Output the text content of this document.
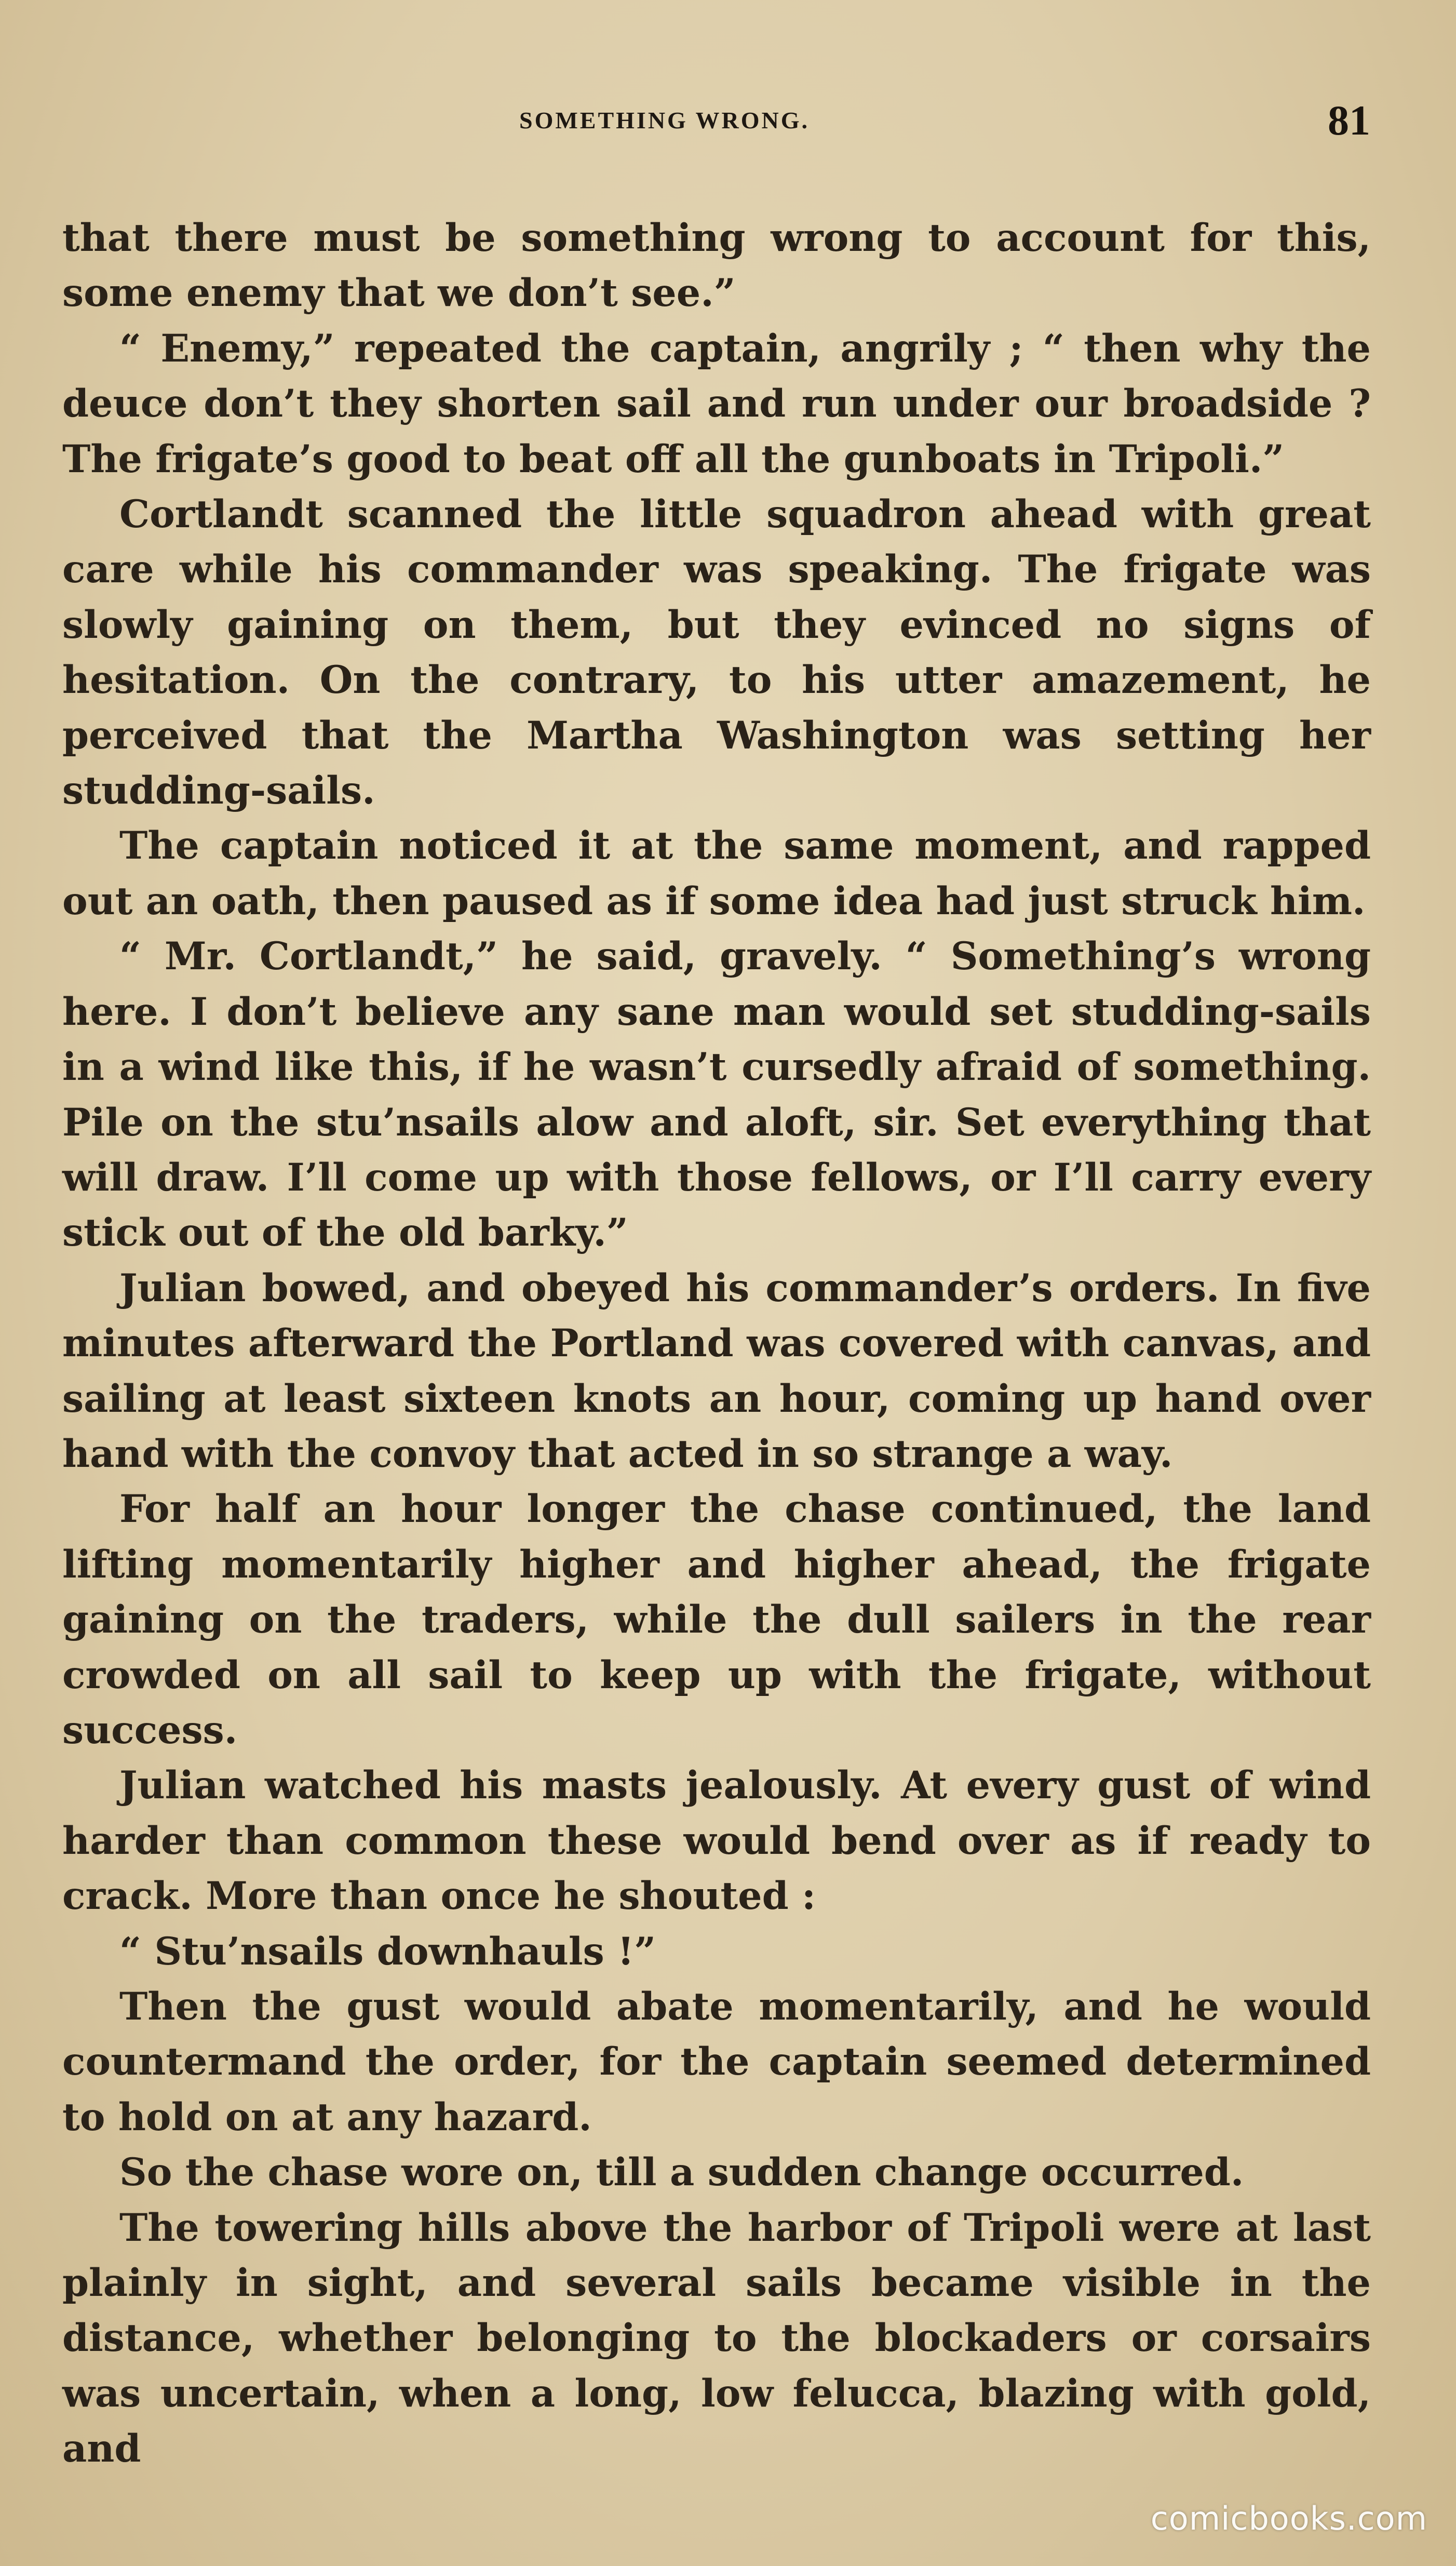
SOMETHING WRONG.	81

that there must be something wrong to account for this, some enemy that we don’t see.”

“ Enemy,” repeated the captain, angrily ; “ then why the deuce don’t they shorten sail and run under our broadside ? The frigate’s good to beat off all the gunboats in Tripoli.”

Cortlandt scanned the little squadron ahead with great care while his commander was speaking. The frigate was slowly gaining on them, but they evinced no signs of hesitation. On the contrary, to his utter amazement, he perceived that the Martha Washington was setting her studding-sails.

The captain noticed it at the same moment, and rapped out an oath, then paused as if some idea had just struck him.

“ Mr. Cortlandt,” he said, gravely. “ Something’s wrong here. I don’t believe any sane man would set studding-sails in a wind like this, if he wasn’t cursedly afraid of something. Pile on the stu’nsails alow and aloft, sir. Set everything that will draw. I’ll come up with those fellows, or I’ll carry every stick out of the old barky.”

Julian bowed, and obeyed his commander’s orders. In five minutes afterward the Portland was covered with canvas, and sailing at least sixteen knots an hour, coming up hand over hand with the convoy that acted in so strange a way.

For half an hour longer the chase continued, the land lifting momentarily higher and higher ahead, the frigate gaining on the traders, while the dull sailers in the rear crowded on all sail to keep up with the frigate, without success.

Julian watched his masts jealously. At every gust of wind harder than common these would bend over as if ready to crack. More than once he shouted :

“ Stu’nsails downhauls !”

Then the gust would abate momentarily, and he would countermand the order, for the captain seemed determined to hold on at any hazard.

So the chase wore on, till a sudden change occurred.

The towering hills above the harbor of Tripoli were at last plainly in sight, and several sails became visible in the distance, whether belonging to the blockaders or corsairs was uncertain, when a long, low felucca, blazing with gold, and

comicbooks.com
